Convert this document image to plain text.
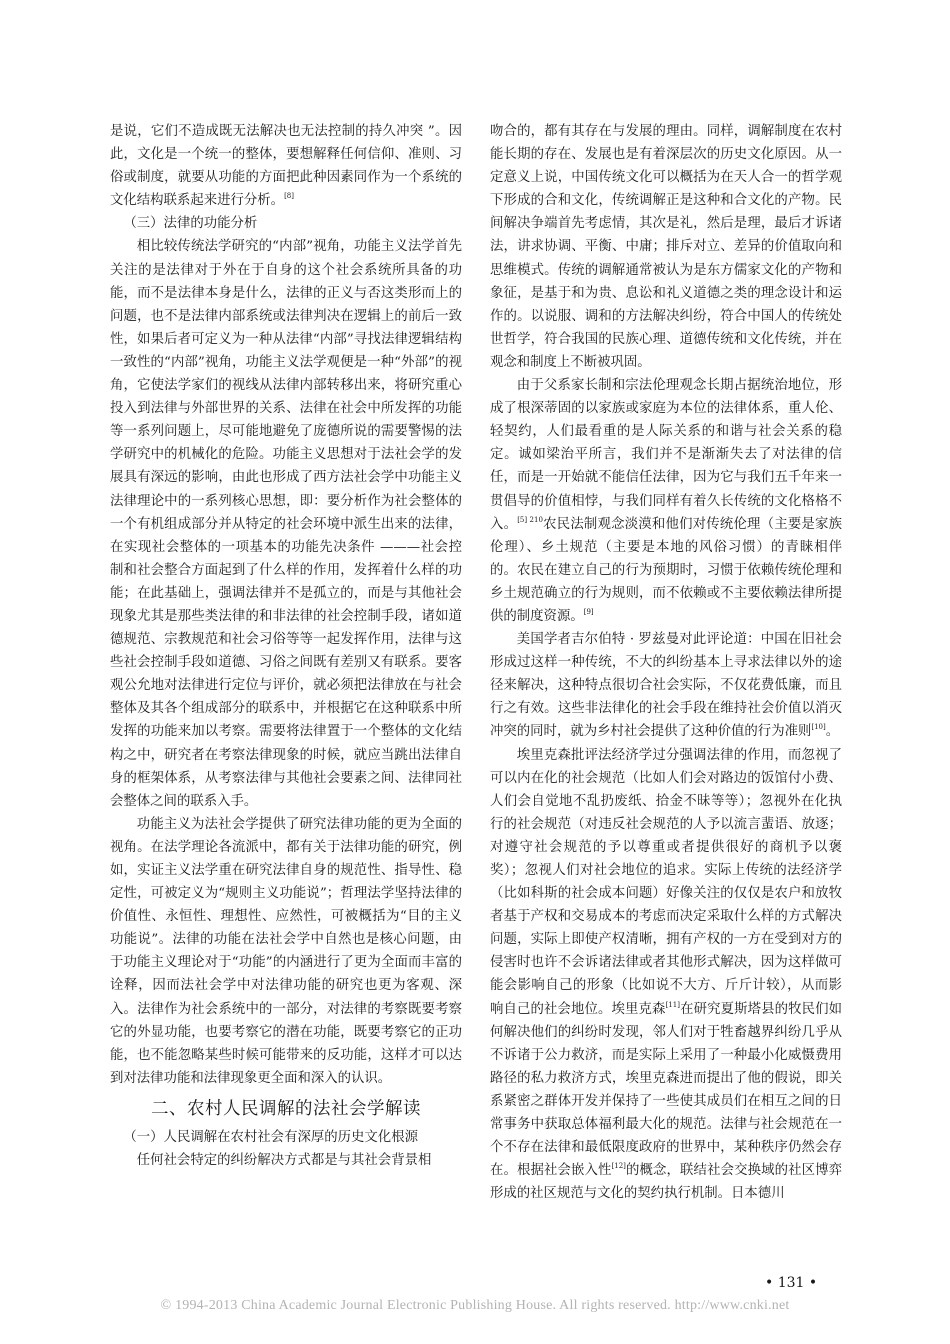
是说，它们不造成既无法解决也无法控制的持久冲突 ”。因此，文化是一个统一的整体，要想解释任何信仰、准则、习俗或制度，就要从功能的方面把此种因素同作为一个系统的文化结构联系起来进行分析。[8]

（三）法律的功能分析

相比较传统法学研究的“内部”视角，功能主义法学首先关注的是法律对于外在于自身的这个社会系统所具备的功能，而不是法律本身是什么，法律的正义与否这类形而上的问题，也不是法律内部系统或法律判决在逻辑上的前后一致性，如果后者可定义为一种从法律“内部”寻找法律逻辑结构一致性的“内部”视角，功能主义法学观便是一种“外部”的视角，它使法学家们的视线从法律内部转移出来，将研究重心投入到法律与外部世界的关系、法律在社会中所发挥的功能等一系列问题上，尽可能地避免了庞德所说的需要警惕的法学研究中的机械化的危险。功能主义思想对于法社会学的发展具有深远的影响，由此也形成了西方法社会学中功能主义法律理论中的一系列核心思想，即：要分析作为社会整体的一个有机组成部分并从特定的社会环境中派生出来的法律，在实现社会整体的一项基本的功能先决条件 ———社会控制和社会整合方面起到了什么样的作用，发挥着什么样的功能；在此基础上，强调法律并不是孤立的，而是与其他社会现象尤其是那些类法律的和非法律的社会控制手段，诸如道德规范、宗教规范和社会习俗等等一起发挥作用，法律与这些社会控制手段如道德、习俗之间既有差别又有联系。要客观公允地对法律进行定位与评价，就必须把法律放在与社会整体及其各个组成部分的联系中，并根据它在这种联系中所发挥的功能来加以考察。需要将法律置于一个整体的文化结构之中，研究者在考察法律现象的时候，就应当跳出法律自身的框架体系，从考察法律与其他社会要素之间、法律同社会整体之间的联系入手。

功能主义为法社会学提供了研究法律功能的更为全面的视角。在法学理论各流派中，都有关于法律功能的研究，例如，实证主义法学重在研究法律自身的规范性、指导性、稳定性，可被定义为“规则主义功能说”；哲理法学坚持法律的价值性、永恒性、理想性、应然性，可被概括为“目的主义功能说”。法律的功能在法社会学中自然也是核心问题，由于功能主义理论对于“功能”的内涵进行了更为全面而丰富的诠释，因而法社会学中对法律功能的研究也更为客观、深入。法律作为社会系统中的一部分，对法律的考察既要考察它的外显功能，也要考察它的潜在功能，既要考察它的正功能，也不能忽略某些时候可能带来的反功能，这样才可以达到对法律功能和法律现象更全面和深入的认识。

二、农村人民调解的法社会学解读
（一）人民调解在农村社会有深厚的历史文化根源

任何社会特定的纠纷解决方式都是与其社会背景相

吻合的，都有其存在与发展的理由。同样，调解制度在农村能长期的存在、发展也是有着深层次的历史文化原因。从一定意义上说，中国传统文化可以概括为在天人合一的哲学观下形成的合和文化，传统调解正是这种和合文化的产物。民间解决争端首先考虑情，其次是礼，然后是理，最后才诉诸法，讲求协调、平衡、中庸；排斥对立、差异的价值取向和思维模式。传统的调解通常被认为是东方儒家文化的产物和象征，是基于和为贵、息讼和礼义道德之类的理念设计和运作的。以说服、调和的方法解决纠纷，符合中国人的传统处世哲学，符合我国的民族心理、道德传统和文化传统，并在观念和制度上不断被巩固。

由于父系家长制和宗法伦理观念长期占据统治地位，形成了根深蒂固的以家族或家庭为本位的法律体系，重人伦、轻契约，人们最看重的是人际关系的和谐与社会关系的稳定。诚如梁治平所言，我们并不是渐渐失去了对法律的信任，而是一开始就不能信任法律，因为它与我们五千年来一贯倡导的价值相悖，与我们同样有着久长传统的文化格格不入。$^{[5] 210}$农民法制观念淡漠和他们对传统伦理（主要是家族伦理）、乡土规范（主要是本地的风俗习惯）的青睐相伴的。农民在建立自己的行为预期时，习惯于依赖传统伦理和乡土规范确立的行为规则，而不依赖或不主要依赖法律所提供的制度资源。[9]

美国学者吉尔伯特 · 罗兹曼对此评论道：中国在旧社会形成过这样一种传统，不大的纠纷基本上寻求法律以外的途径来解决，这种特点很切合社会实际，不仅花费低廉，而且行之有效。这些非法律化的社会手段在维持社会价值以消灭冲突的同时，就为乡村社会提供了这种价值的行为准则[10]。

埃里克森批评法经济学过分强调法律的作用，而忽视了可以内在化的社会规范（比如人们会对路边的饭馆付小费、人们会自觉地不乱扔废纸、拾金不昧等等）；忽视外在化执行的社会规范（对违反社会规范的人予以流言蜚语、放逐；对遵守社会规范的予以尊重或者提供很好的商机予以褒奖）；忽视人们对社会地位的追求。实际上传统的法经济学（比如科斯的社会成本问题）好像关注的仅仅是农户和放牧者基于产权和交易成本的考虑而决定采取什么样的方式解决问题，实际上即使产权清晰，拥有产权的一方在受到对方的侵害时也许不会诉诸法律或者其他形式解决，因为这样做可能会影响自己的形象（比如说不大方、斤斤计较），从而影响自己的社会地位。埃里克森[11]在研究夏斯塔县的牧民们如何解决他们的纠纷时发现，邻人们对于牲畜越界纠纷几乎从不诉诸于公力救济，而是实际上采用了一种最小化威慑费用路径的私力救济方式，埃里克森进而提出了他的假说，即关系紧密之群体开发并保持了一些使其成员们在相互之间的日常事务中获取总体福利最大化的规范。法律与社会规范在一个不存在法律和最低限度政府的世界中，某种秩序仍然会存在。根据社会嵌入性[12]的概念，联结社会交换域的社区博弈形成的社区规范与文化的契约执行机制。日本德川

• 131 •
© 1994-2013 China Academic Journal Electronic Publishing House. All rights reserved. http://www.cnki.net
